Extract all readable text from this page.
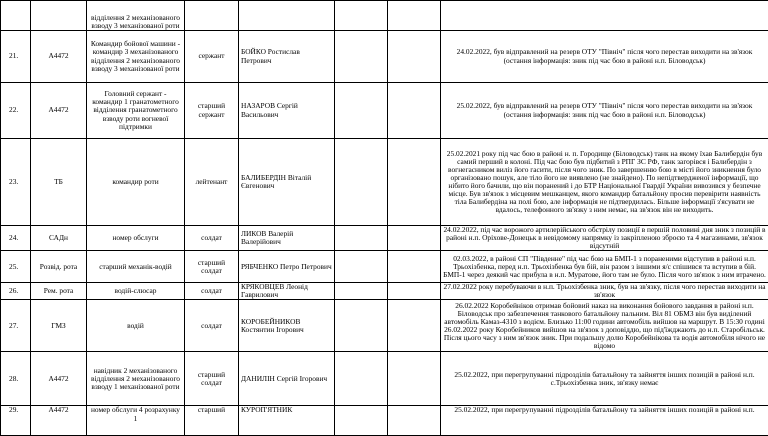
		відділення 2 механізованого взводу 3 механізованої роти					
21.	А4472	Командир бойової машини - командир 3 механізованого відділення 2 механізованого взводу 3 механізованої роти	сержант	БОЙКО Ростислав Петрович			24.02.2022, був відправлений на резерв ОТУ "Північ" після чого перестав виходити на зв'язок (остання інформація: зник під час бою в районі н.п. Біловодськ)
22.	А4472	Головний сержант - командир 1 гранатометного відділення гранатометного взводу роти вогневої підтримки	старший сержант	НАЗАРОВ Сергій Васильович			25.02.2022, був відправлений на резерв ОТУ "Північ" після чого перестав виходити на зв'язок (остання інформація: зник під час бою в районі н.п. Біловодськ)
23.	ТБ	командир роти	лейтенант	БАЛИБЕРДІН Віталій Євгенович			25.02.2021 року під час бою в районі н. п. Городище (Біловодськ) танк на якому їхав Балибердін був самий перший в колоні. Під час бою був підбитий з РПГ ЗС РФ, танк загорівся і Балибердін з вогнегасником виліз його гасити, після чого зник. По завершенню бою в місті його зникнення було організовано пошук, але тіло його не виявлено (не знайдено). По непідтвердженої інформації, що нібито його бачили, що він поранений і до БТР Національної Гвардії України вивозився у безпечне місце. Був зв'язок з місцевим мешканцем, якого командир батальйону просив перевірити наявність тіла Балибердіна на полі бою, але інформація не підтвердилась. Більше інформації з'ясувати не вдалось, телефонного зв'язку з ним немає, на зв'язок він не виходить.
24.	САДн	номер обслуги	солдат	ЛИКОВ Валерій Валерійович			24.02.2022, під час ворожого артилерійського обстрілу позиції в першій половині дня зник з позицій в районі н.п. Оріхове-Донецьк в невідомому напрямку із закріпленою зброєю та 4 магазинами, зв'язок відсутній
25.	Розвід. рота	старший механік-водій	старший солдат	РЯБЧЕНКО Петро Петрович			02.03.2022, в районі СП "Південне" під час бою на БМП-1 з пораненими відступив в районі н.п. Трьохізбенка, перед н.п. Трьохізбенка був бій, він разом з іншими я/с спішився та вступив в бій. БМП-1 через деякий час прибула в н.п. Муратове, його там не було. Після чого зв'язок з ним втрачено.
26.	Рем. рота	водій-слюсар	солдат	КРЯКОВЦЕВ Леонід Гаврилович			27.02.2022 року перебуваючи в н.п. Трьохізбенка зник, був на зв'язку, після чого перестав виходити на зв'язок
27.	ГМЗ	водій	солдат	КОРОБЕЙНИКОВ Костянтин Ігорович			26.02.2022 Коробейніков отримав бойовий наказ на виконання бойового завдання в районі н.п. Біловодськ про забезпечення танкового батальйону пальним. Віл 81 ОБМЗ він був виділений автомобіль Камаз-4310 з водієм. Близько 11:00 години автомобіль вийшов на маршрут. В 15:30 годині 26.02.2022 року Коробейников вийшов на зв'язок з доповіддю, що під'їжджають до н.п. Старобільськ. Після цього часу з ним зв'язок зник. При подальшу долю Коробейнікова та водія автомобіля нічого не відомо
28.	А4472	навідник 2 механізованого відділення 2 механізованого взводу 1 механізованої роти	старший солдат	ДАНИЛІН Сергій Ігорович			25.02.2022, при перегрупуванні підрозділів батальйону та зайняття інших позицій в районі н.п. с.Трьохізбенка зник, зв'язку немає
29.	А4472	номер обслуги 4 розрахунку 1	старший	КУРОП'ЯТНИК			25.02.2022, при перегрупуванні підрозділів батальйону та зайняття інших позицій в районі н.п.
